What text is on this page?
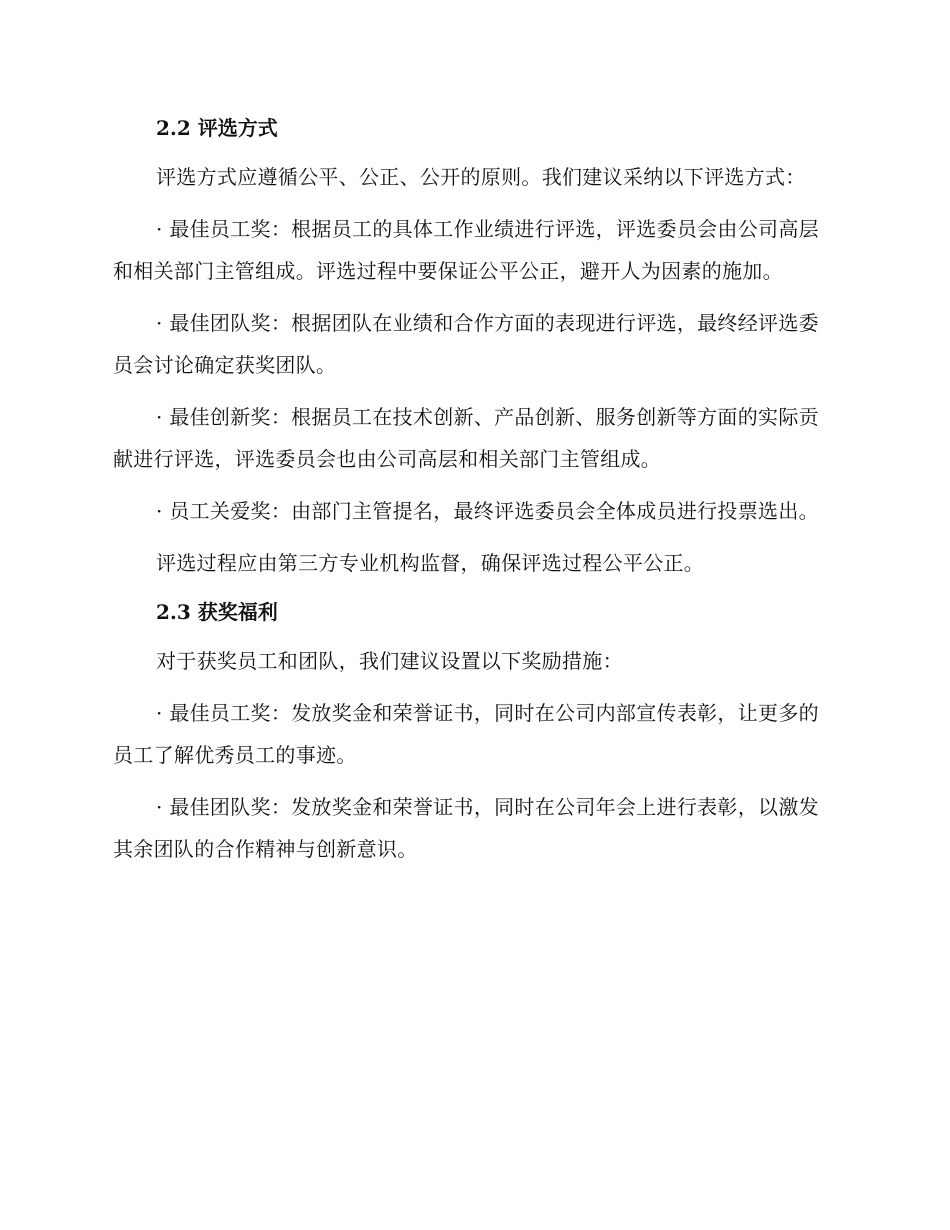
2.2 评选方式

评选方式应遵循公平、公正、公开的原则。我们建议采纳以下评选方式：

· 最佳员工奖：根据员工的具体工作业绩进行评选，评选委员会由公司高层和相关部门主管组成。评选过程中要保证公平公正，避开人为因素的施加。

· 最佳团队奖：根据团队在业绩和合作方面的表现进行评选，最终经评选委员会讨论确定获奖团队。

· 最佳创新奖：根据员工在技术创新、产品创新、服务创新等方面的实际贡献进行评选，评选委员会也由公司高层和相关部门主管组成。

· 员工关爱奖：由部门主管提名，最终评选委员会全体成员进行投票选出。

评选过程应由第三方专业机构监督，确保评选过程公平公正。

2.3 获奖福利

对于获奖员工和团队，我们建议设置以下奖励措施：

· 最佳员工奖：发放奖金和荣誉证书，同时在公司内部宣传表彰，让更多的员工了解优秀员工的事迹。

· 最佳团队奖：发放奖金和荣誉证书，同时在公司年会上进行表彰，以激发其余团队的合作精神与创新意识。
